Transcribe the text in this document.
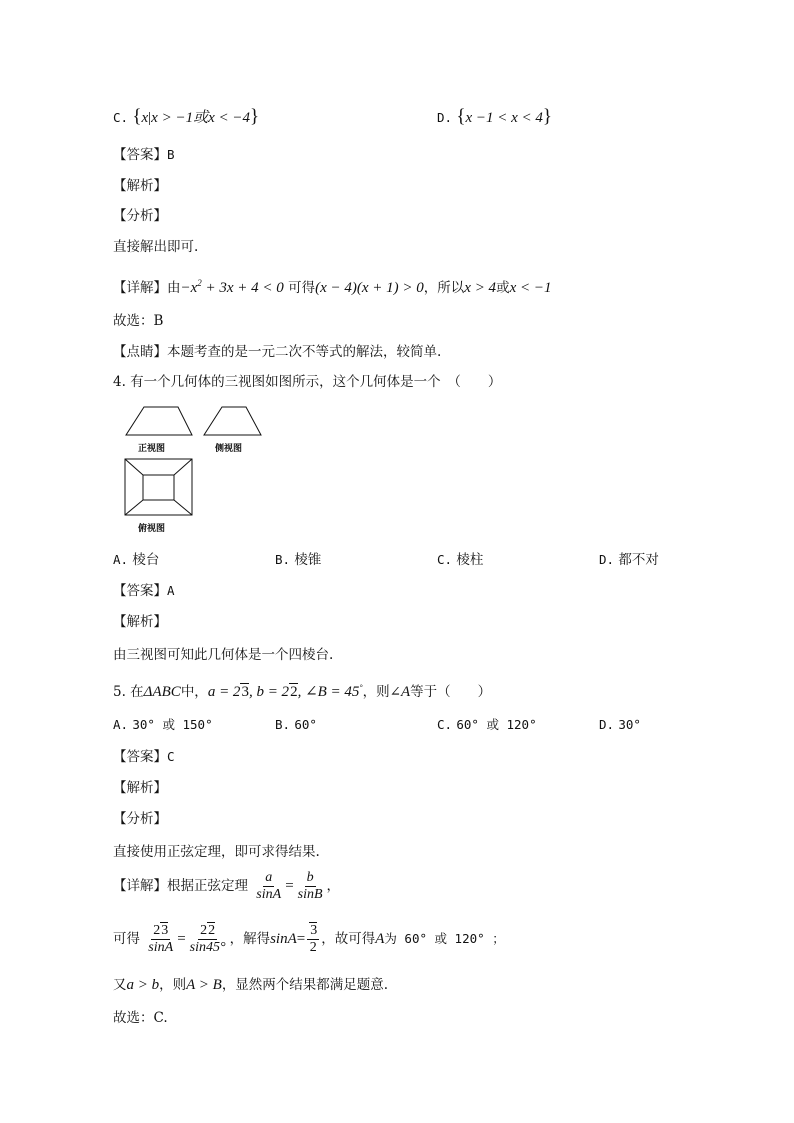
C. {x|x > −1或x < −4}	D. {x −1 < x < 4}
【答案】B
【解析】
【分析】
直接解出即可.
【详解】由$-x^2 + 3x + 4 < 0$ 可得(x − 4)(x + 1) > 0，所以x > 4或x < −1
故选：B
【点睛】本题考查的是一元二次不等式的解法，较简单.
4. 有一个几何体的三视图如图所示，这个几何体是一个　（　　）
正视图	侧视图
俯视图
A. 棱台	B. 棱锥	C. 棱柱	D. 都不对
【答案】A
【解析】
由三视图可知此几何体是一个四棱台.
5. 在ΔABC中，a = 23, b = 22, ∠B = 45°，则∠A等于（　　）
A. 30° 或 150°	B. 60°	C. 60° 或 120°	D. 30°
【答案】C
【解析】
【分析】
直接使用正弦定理，即可求得结果.
【详解】根据正弦定理 $\frac{a}{\sin A} = \frac{b}{\sin B}$ ，
可得 $\frac{23}{\sin A} = \frac{22}{\sin 45^\circ}$ ，解得$\sin A= \frac{3}{2}$ ，故可得A为 60° 或 120° ；
又a > b，则A > B，显然两个结果都满足题意.
故选：C.
